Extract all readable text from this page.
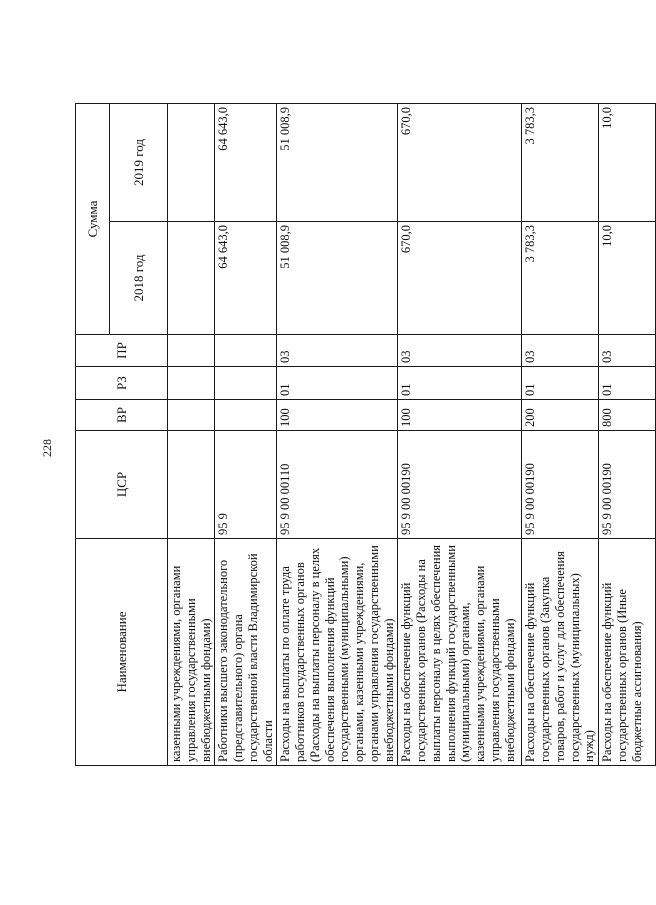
228
Наименование	ЦСР	ВР	РЗ	ПР	Сумма	
					2018 год	2019 год
казенными учреждениями, органами управления государственными внебюджетными фондами)						
Работники высшего законодательного (представительного) органа государственной власти Владимирской области	95 9				64 643,0	64 643,0
Расходы на выплаты по оплате труда работников государственных органов (Расходы на выплаты персоналу в целях обеспечения выполнения функций государственными (муниципальными) органами, казенными учреждениями, органами управления государственными внебюджетными фондами)	95 9 00 00110	100	01	03	51 008,9	51 008,9
Расходы на обеспечение функций государственных органов (Расходы на выплаты персоналу в целях обеспечения выполнения функций государственными (муниципальными) органами, казенными учреждениями, органами управления государственными внебюджетными фондами)	95 9 00 00190	100	01	03	670,0	670,0
Расходы на обеспечение функций государственных органов (Закупка товаров, работ и услуг для обеспечения государственных (муниципальных) нужд)	95 9 00 00190	200	01	03	3 783,3	3 783,3
Расходы на обеспечение функций государственных органов (Иные бюджетные ассигнования)	95 9 00 00190	800	01	03	10,0	10,0
